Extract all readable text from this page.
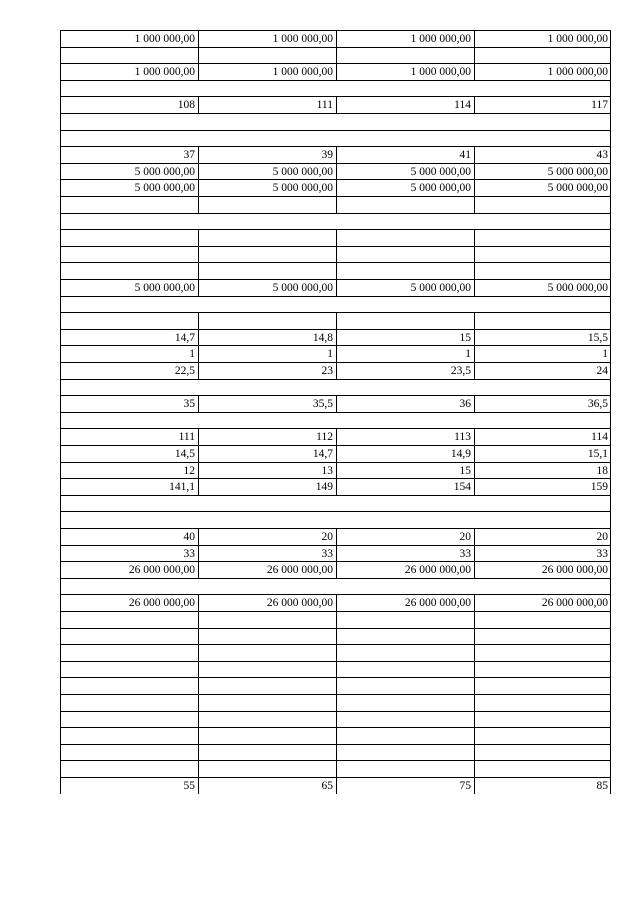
1 000 000,00	1 000 000,00	1 000 000,00	1 000 000,00
1 000 000,00	1 000 000,00	1 000 000,00	1 000 000,00
108	111	114	117
37	39	41	43
5 000 000,00	5 000 000,00	5 000 000,00	5 000 000,00
5 000 000,00	5 000 000,00	5 000 000,00	5 000 000,00
5 000 000,00	5 000 000,00	5 000 000,00	5 000 000,00
14,7	14,8	15	15,5
1	1	1	1
22,5	23	23,5	24
35	35,5	36	36,5
111	112	113	114
14,5	14,7	14,9	15,1
12	13	15	18
141,1	149	154	159
40	20	20	20
33	33	33	33
26 000 000,00	26 000 000,00	26 000 000,00	26 000 000,00
26 000 000,00	26 000 000,00	26 000 000,00	26 000 000,00
55	65	75	85
